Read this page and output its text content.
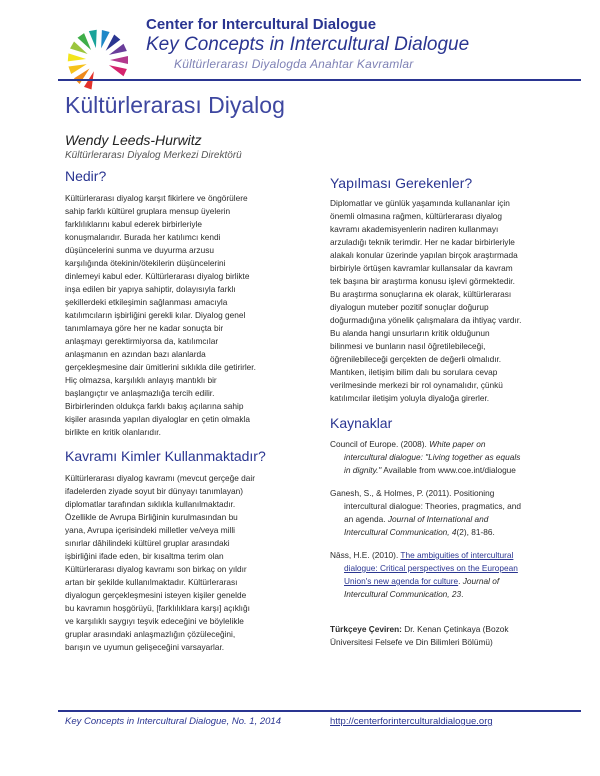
Center for Intercultural Dialogue
Key Concepts in Intercultural Dialogue
Kültürlerarası Diyalogda Anahtar Kavramlar
Kültürlerarası Diyalog
Wendy Leeds-Hurwitz
Kültürlerarası Diyalog Merkezi Direktörü
Nedir?
Kültürlerarası diyalog karşıt fikirlere ve öngörülere
sahip farklı kültürel gruplara mensup üyelerin
farklılıklarını kabul ederek birbirleriyle
konuşmalarıdır. Burada her katılımcı kendi
düşüncelerini sunma ve duyurma arzusu
karşılığında ötekinin/ötekilerin düşüncelerini
dinlemeyi kabul eder. Kültürlerarası diyalog birlikte
inşa edilen bir yapıya sahiptir, dolayısıyla farklı
şekillerdeki etkileşimin sağlanması amacıyla
katılımcıların işbirliğini gerekli kılar. Diyalog genel
tanımlamaya göre her ne kadar sonuçta bir
anlaşmayı gerektirmiyorsa da, katılımcılar
anlaşmanın en azından bazı alanlarda
gerçekleşmesine dair ümitlerini sıklıkla dile getirirler.
Hiç olmazsa, karşılıklı anlayış mantıklı bir
başlangıçtır ve anlaşmazlığa tercih edilir.
Birbirlerinden oldukça farklı bakış açılarına sahip
kişiler arasında yapılan diyaloglar en çetin olmakla
birlikte en kritik olanlarıdır.
Kavramı Kimler Kullanmaktadır?
Kültürlerarası diyalog kavramı (mevcut gerçeğe dair
ifadelerden ziyade soyut bir dünyayı tanımlayan)
diplomatlar tarafından sıklıkla kullanılmaktadır.
Özellikle de Avrupa Birliğinin kurulmasından bu
yana, Avrupa içerisindeki milletler ve/veya milli
sınırlar dâhilindeki kültürel gruplar arasındaki
işbirliğini ifade eden, bir kısaltma terim olan
Kültürlerarası diyalog kavramı son birkaç on yıldır
artan bir şekilde kullanılmaktadır. Kültürlerarası
diyalogun gerçekleşmesini isteyen kişiler genelde
bu kavramın hoşgörüyü, [farklılıklara karşı] açıklığı
ve karşılıklı saygıyı teşvik edeceğini ve böylelikle
gruplar arasındaki anlaşmazlığın çözüleceğini,
barışın ve uyumun gelişeceğini varsayarlar.
Yapılması Gerekenler?
Diplomatlar ve günlük yaşamında kullananlar için
önemli olmasına rağmen, kültürlerarası diyalog
kavramı akademisyenlerin nadiren kullanmayı
arzuladığı teknik terimdir. Her ne kadar birbirleriyle
alakalı konular üzerinde yapılan birçok araştırmada
birbiriyle örtüşen kavramlar kullansalar da kavram
tek başına bir araştırma konusu işlevi görmektedir.
Bu araştırma sonuçlarına ek olarak, kültürlerarası
diyalogun muteber pozitif sonuçlar doğurup
doğurmadığına yönelik çalışmalara da ihtiyaç vardır.
Bu alanda hangi unsurların kritik olduğunun
bilinmesi ve bunların nasıl öğretilebileceği,
öğrenilebileceği gerçekten de değerli olmalıdır.
Mantıken, iletişim bilim dalı bu sorulara cevap
verilmesinde merkezi bir rol oynamalıdır, çünkü
katılımcılar iletişim yoluyla diyaloğa girerler.
Kaynaklar
Council of Europe. (2008). White paper on
intercultural dialogue: "Living together as equals
in dignity." Available from www.coe.int/dialogue
Ganesh, S., & Holmes, P. (2011). Positioning
intercultural dialogue: Theories, pragmatics, and
an agenda. Journal of International and
Intercultural Communication, 4(2), 81-86.
Nāss, H.E. (2010). The ambiguities of intercultural
dialogue: Critical perspectives on the European
Union's new agenda for culture. Journal of
Intercultural Communication, 23.
Türkçeye Çeviren: Dr. Kenan Çetinkaya (Bozok
Üniversitesi Felsefe ve Din Bilimleri Bölümü)
Key Concepts in Intercultural Dialogue, No. 1, 2014	http://centerforinterculturaldialogue.org
